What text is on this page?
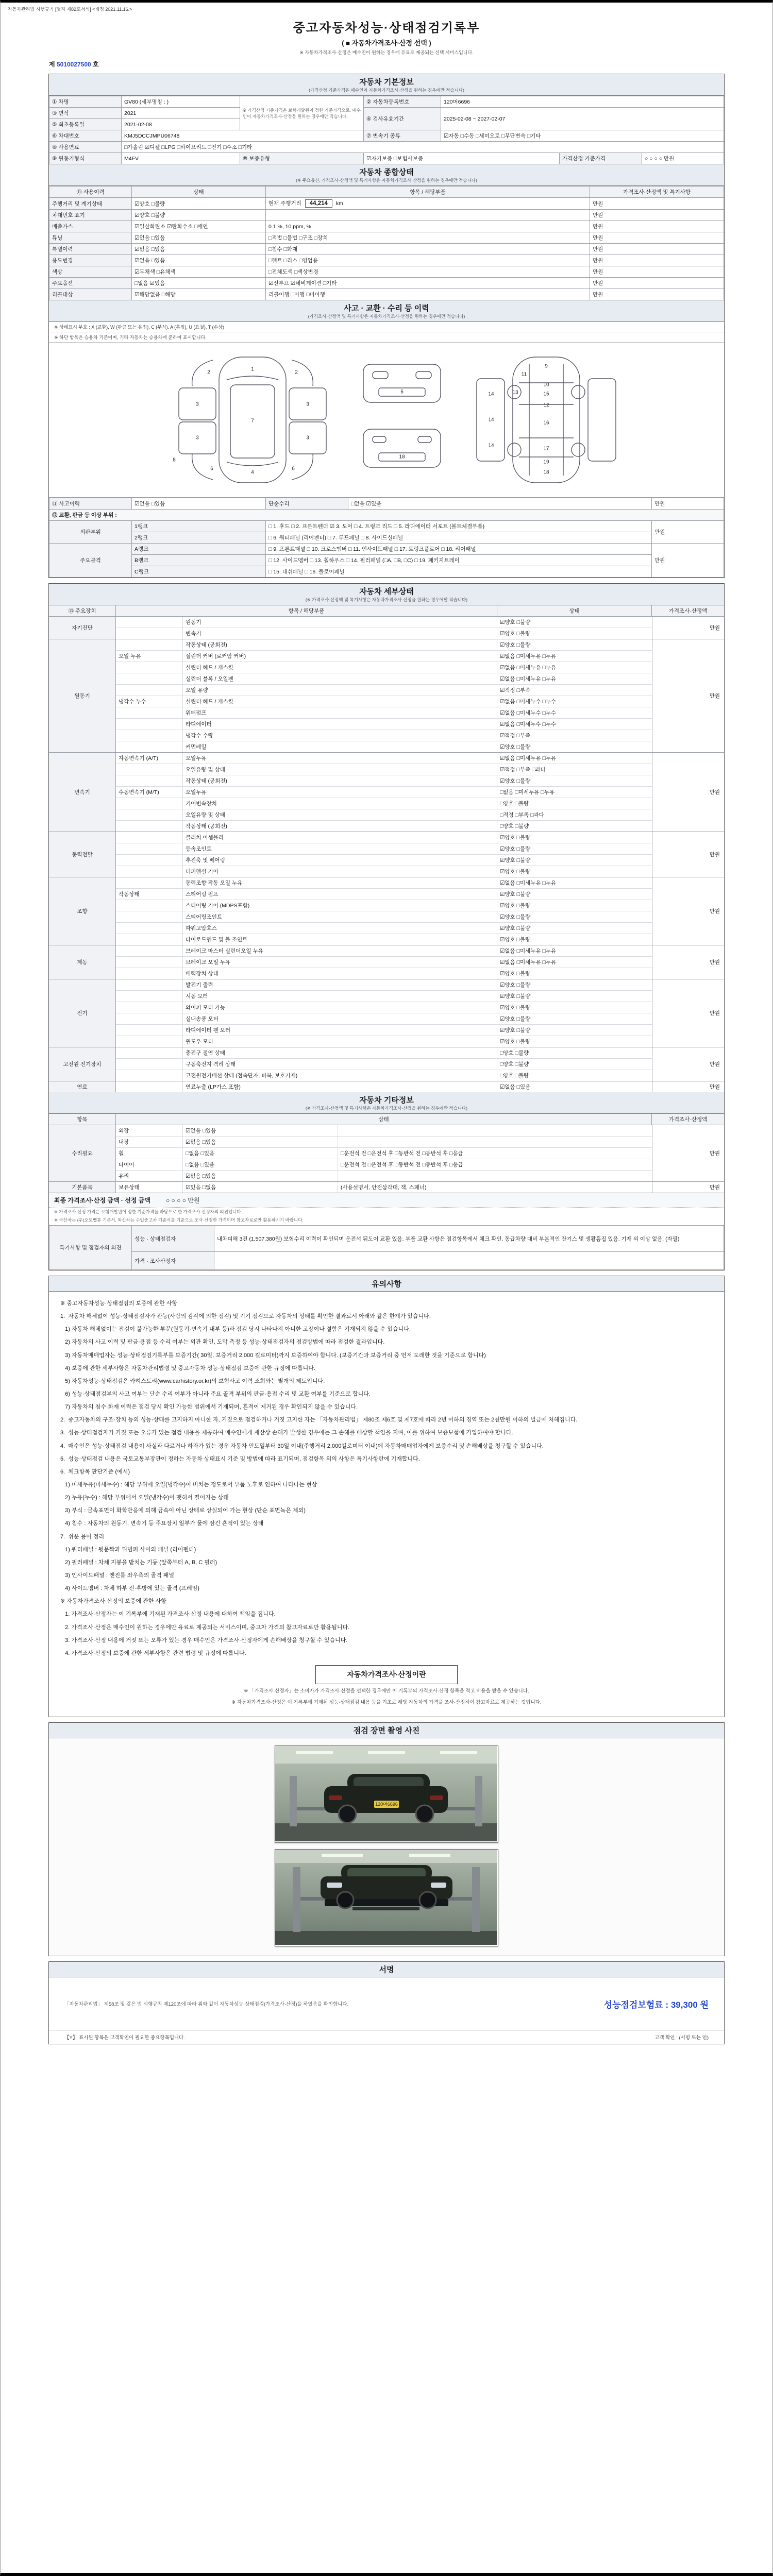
자동차관리법 시행규칙 [별지 제82호서식] <개정 2021.11.16.>
중고자동차성능·상태점검기록부
( ■ 자동차가격조사·산정 선택 )
※ 자동차가격조사·산정은 매수인이 원하는 경우에 유료로 제공되는 선택 서비스입니다.
제 5010027500 호
자동차 기본정보
(가격산정 기준가격은 매수인이 자동차가격조사·산정을 원하는 경우에만 적습니다)
① 차명	GV80 (세부명칭 : )	※ 가격산정 기준가격은 보험개발원이 정한 기준가격으로, 매수인이 자동차가격조사·산정을 원하는 경우에만 적습니다.	② 자동차등록번호	120머6696		
③ 연식	2021		④ 검사유효기간	2025-02-08 ~ 2027-02-07		
⑤ 최초등록일	2021-02-08					
⑥ 차대번호	KMJ5DCCJMPU06748		⑦ 변속기 종류	☑자동 □수동 □세미오토 □무단변속 □기타		
⑧ 사용연료	□가솔린 ☑디젤 □LPG □하이브리드 □전기 □수소 □기타					
⑨ 원동기형식	M4FV	⑩ 보증유형	☑자기보증 □보험사보증		가격산정 기준가격	○ ○ ○ ○ 만원
자동차 종합상태
(※ 주요옵션, 가격조사·산정액 및 특기사항은 자동차가격조사·산정을 원하는 경우에만 적습니다)
⑪ 사용이력	상태	항목 / 해당부품	가격조사·산정액 및 특기사항
주행거리 및 계기상태	☑양호 □불량	현재 주행거리 44,214 km	만원
차대번호 표기	☑양호 □불량		만원
배출가스	☑일산화탄소 ☑탄화수소 □매연	0.1 %, 10 ppm, %	만원
튜닝	☑없음 □있음	□적법 □불법 □구조 □장치	만원
특별이력	☑없음 □있음	□침수 □화재	만원
용도변경	☑없음 □있음	□렌트 □리스 □영업용	만원
색상	☑무채색 □유채색	□전체도색 □색상변경	만원
주요옵션	□없음 ☑있음	☑선루프 ☑네비게이션 □기타	만원
리콜대상	☑해당없음 □해당	리콜이행 □이행 □미이행	만원
사고 · 교환 · 수리 등 이력
(가격조사·산정액 및 특기사항은 자동차가격조사·산정을 원하는 경우에만 적습니다)
※ 상태표시 부호 : X (교환), W (판금 또는 용접), C (부식), A (흠집), U (요철), T (손상)
※ 하단 항목은 승용차 기준이며, 기타 자동차는 승용차에 준하여 표시합니다.
1
2	2
3	3
3	3
8
6	6
4
7
5
18
9
11
10
13
12
14
14
14
15
16
19
17
18
⑪ 사고이력	☑없음 □있음	단순수리	□없음 ☑있음	만원
⑫ 교환, 판금 등 이상 부위 :				
외판부위	1랭크	□ 1. 후드 □ 2. 프론트펜더 ☑ 3. 도어 □ 4. 트렁크 리드 □ 5. 라디에이터 서포트 (볼트체결부품)		만원
	2랭크	□ 6. 쿼터패널 (리어펜더) □ 7. 루프패널 □ 8. 사이드실패널		
주요골격	A랭크	□ 9. 프론트패널 □ 10. 크로스멤버 □ 11. 인사이드패널 □ 17. 트렁크플로어 □ 18. 리어패널		만원
	B랭크	□ 12. 사이드멤버 □ 13. 휠하우스 □ 14. 필러패널 (□A, □B, □C) □ 19. 패키지트레이		
	C랭크	□ 15. 대쉬패널 □ 16. 플로어패널		
자동차 세부상태
(※ 가격조사·산정액 및 특기사항은 자동차가격조사·산정을 원하는 경우에만 적습니다)
⑬ 주요장치	항목 / 해당부품	상태	가격조사·산정액
자기진단
원동기	☑양호 □불량
변속기	☑양호 □불량
만원
원동기
작동상태 (공회전)	☑양호 □불량
오일 누유	실린더 커버 (로커암 커버)	☑없음 □미세누유 □누유
실린더 헤드 / 개스킷	☑없음 □미세누유 □누유
실린더 블록 / 오일팬	☑없음 □미세누유 □누유
오일 유량	☑적정 □부족
냉각수 누수	실린더 헤드 / 개스킷	☑없음 □미세누수 □누수
워터펌프	☑없음 □미세누수 □누수
라디에이터	☑없음 □미세누수 □누수
냉각수 수량	☑적정 □부족
커먼레일	☑양호 □불량
만원
변속기
자동변속기 (A/T)	오일누유	☑없음 □미세누유 □누유
오일유량 및 상태	☑적정 □부족 □과다
작동상태 (공회전)	☑양호 □불량
수동변속기 (M/T)	오일누유	□없음 □미세누유 □누유
기어변속장치	□양호 □불량
오일유량 및 상태	□적정 □부족 □과다
작동상태 (공회전)	□양호 □불량
만원
동력전달
클러치 어셈블리	☑양호 □불량
등속조인트	☑양호 □불량
추진축 및 베어링	☑양호 □불량
디퍼렌셜 기어	☑양호 □불량
만원
조향
동력조향 작동 오일 누유	☑없음 □미세누유 □누유
작동상태	스티어링 펌프	☑양호 □불량
스티어링 기어 (MDPS포함)	☑양호 □불량
스티어링조인트	☑양호 □불량
파워고압호스	☑양호 □불량
타이로드엔드 및 볼 조인트	☑양호 □불량
만원
제동
브레이크 마스터 실린더오일 누유	☑없음 □미세누유 □누유
브레이크 오일 누유	☑없음 □미세누유 □누유
배력장치 상태	☑양호 □불량
만원
전기
발전기 출력	☑양호 □불량
시동 모터	☑양호 □불량
와이퍼 모터 기능	☑양호 □불량
실내송풍 모터	☑양호 □불량
라디에이터 팬 모터	☑양호 □불량
윈도우 모터	☑양호 □불량
만원
고전원 전기장치
충전구 절연 상태	□양호 □불량
구동축전지 격리 상태	□양호 □불량
고전원전기배선 상태 (접속단자, 피복, 보호기제)	□양호 □불량
만원
연료	연료누출 (LP가스 포함)	☑없음 □있음	만원
자동차 기타정보
(※ 가격조사·산정액 및 특기사항은 자동차가격조사·산정을 원하는 경우에만 적습니다)
항목	상태	가격조사·산정액
수리필요
외장	☑없음 □있음
내장	☑없음 □있음
휠	□없음 □있음	□운전석 전 □운전석 후 □동반석 전 □동반석 후 □응급
타이어	□없음 □있음	□운전석 전 □운전석 후 □동반석 전 □동반석 후 □응급
유리	☑없음 □있음
만원
기본품목	보유상태	☑있음 □없음	(사용설명서, 안전삼각대, 잭, 스패너)	만원
최종 가격조사·산정 금액 · 선정 금액	○ ○ ○ ○ 만원
※ 가격조사·산정 가격은 보험개발원이 정한 기준가격을 바탕으로 한 가격조사·산정자의 의견입니다.
※ 국산차는 (주)오토벨류 기준서, 외산차는 수입중고차 기준서를 기준으로 조사·산정한 가격이며 참고자료로만 활용하시기 바랍니다.
특기사항 및 점검자의 의견	성능 · 상태점검자	내차피해 3건 (1,507,380원) 보험수리 이력이 확인되며 운전석 뒤도어 교환 있음. 부품 교환 사항은 점검항목에서 체크 확인. 동급차량 대비 부분적인 잔기스 및 생활흠집 있음. 기재 외 이상 없음. (자필)
	가격 · 조사산정자	
유의사항

※ 중고자동차성능·상태점검의 보증에 관한 사항

1.  자동차 해체없이 성능·상태점검자가 관능(사람의 감각에 의한 점검) 및 기기 점검으로 자동차의 상태를 확인한 결과로서 아래와 같은 한계가 있습니다.

1) 자동차 해체없이는 점검이 불가능한 부분(원동기·변속기 내부 등)과 점검 당시 나타나지 아니한 고장이나 결함은 기재되지 않을 수 있습니다.

2) 자동차의 사고 이력 및 판금·용접 등 수리 여부는 외관 확인, 도막 측정 등 성능·상태점검자의 점검방법에 따라 점검한 결과입니다.

3) 자동차매매업자는 성능·상태점검기록부를 보증기간( 30일, 보증거리 2,000 킬로미터)까지 보증하여야 합니다. (보증기간과 보증거리 중 먼저 도래한 것을 기준으로 합니다)

4) 보증에 관한 세부사항은 자동차관리법령 및 중고자동차 성능·상태점검 보증에 관한 규정에 따릅니다.

5) 자동차성능·상태점검은 카히스토리(www.carhistory.or.kr)의 보험사고 이력 조회와는 별개의 제도입니다.

6) 성능·상태점검부의 사고 여부는 단순 수리 여부가 아니라 주요 골격 부위의 판금·용접 수리 및 교환 여부를 기준으로 합니다.

7) 자동차의 침수·화재 이력은 점검 당시 확인 가능한 범위에서 기재되며, 흔적이 제거된 경우 확인되지 않을 수 있습니다.

2.  중고자동차의 구조·장치 등의 성능·상태를 고지하지 아니한 자, 거짓으로 점검하거나 거짓 고지한 자는 「자동차관리법」 제80조 제6호 및 제7호에 따라 2년 이하의 징역 또는 2천만원 이하의 벌금에 처해집니다.

3.  성능·상태점검자가 거짓 또는 오류가 있는 점검 내용을 제공하여 매수인에게 재산상 손해가 발생한 경우에는 그 손해를 배상할 책임을 지며, 이를 위하여 보증보험에 가입하여야 합니다.

4.  매수인은 성능·상태점검 내용이 사실과 다르거나 하자가 있는 경우 자동차 인도일부터 30일 이내(주행거리 2,000킬로미터 이내)에 자동차매매업자에게 보증수리 및 손해배상을 청구할 수 있습니다.

5.  성능·상태점검 내용은 국토교통부장관이 정하는 자동차 상태표시 기준 및 방법에 따라 표기되며, 점검항목 외의 사항은 특기사항란에 기재합니다.

6.  체크항목 판단기준 (예시)

1) 미세누유(미세누수) : 해당 부위에 오일(냉각수)이 비치는 정도로서 부품 노후로 인하여 나타나는 현상

2) 누유(누수) : 해당 부위에서 오일(냉각수)이 맺혀서 떨어지는 상태

3) 부식 : 금속표면이 화학반응에 의해 금속이 아닌 상태로 상실되어 가는 현상 (단순 표면녹은 제외)

4) 침수 : 자동차의 원동기, 변속기 등 주요장치 일부가 물에 잠긴 흔적이 있는 상태

7.  쉬운 용어 정리

1) 쿼터패널 : 뒷문짝과 뒤범퍼 사이의 패널 (리어펜더)

2) 필러패널 : 차체 지붕을 받치는 기둥 (앞쪽부터 A, B, C 필러)

3) 인사이드패널 : 엔진룸 좌우측의 골격 패널

4) 사이드멤버 : 차체 하부 전·후방에 있는 골격 (프레임)

※ 자동차가격조사·산정의 보증에 관한 사항

1. 가격조사·산정자는 이 기록부에 기재된 가격조사·산정 내용에 대하여 책임을 집니다.

2. 가격조사·산정은 매수인이 원하는 경우에만 유료로 제공되는 서비스이며, 중고차 가격의 참고자료로만 활용됩니다.

3. 가격조사·산정 내용에 거짓 또는 오류가 있는 경우 매수인은 가격조사·산정자에게 손해배상을 청구할 수 있습니다.

4. 가격조사·산정의 보증에 관한 세부사항은 관련 법령 및 규정에 따릅니다.

자동차가격조사·산정이란
※ 「가격조사·산정자」는 소비자가 가격조사·산정을 선택한 경우에만 이 기록부의 가격조사·산정 항목을 적고 비용을 받을 수 있습니다.
※ 자동차가격조사·산정은 이 기록부에 기재된 성능·상태점검 내용 등을 기초로 해당 자동차의 가격을 조사·산정하여 참고자료로 제공하는 것입니다.
점검 장면 촬영 사진
120머6696
서명
「자동차관리법」 제58조 및 같은 법 시행규칙 제120조에 따라 위와 같이 자동차성능·상태점검(가격조사·산정)을 하였음을 확인합니다.	성능점검보험료 : 39,300 원
【Y】 표시된 항목은 고객확인이 필요한 중요항목입니다.	고객 확인 : (서명 또는 인)
